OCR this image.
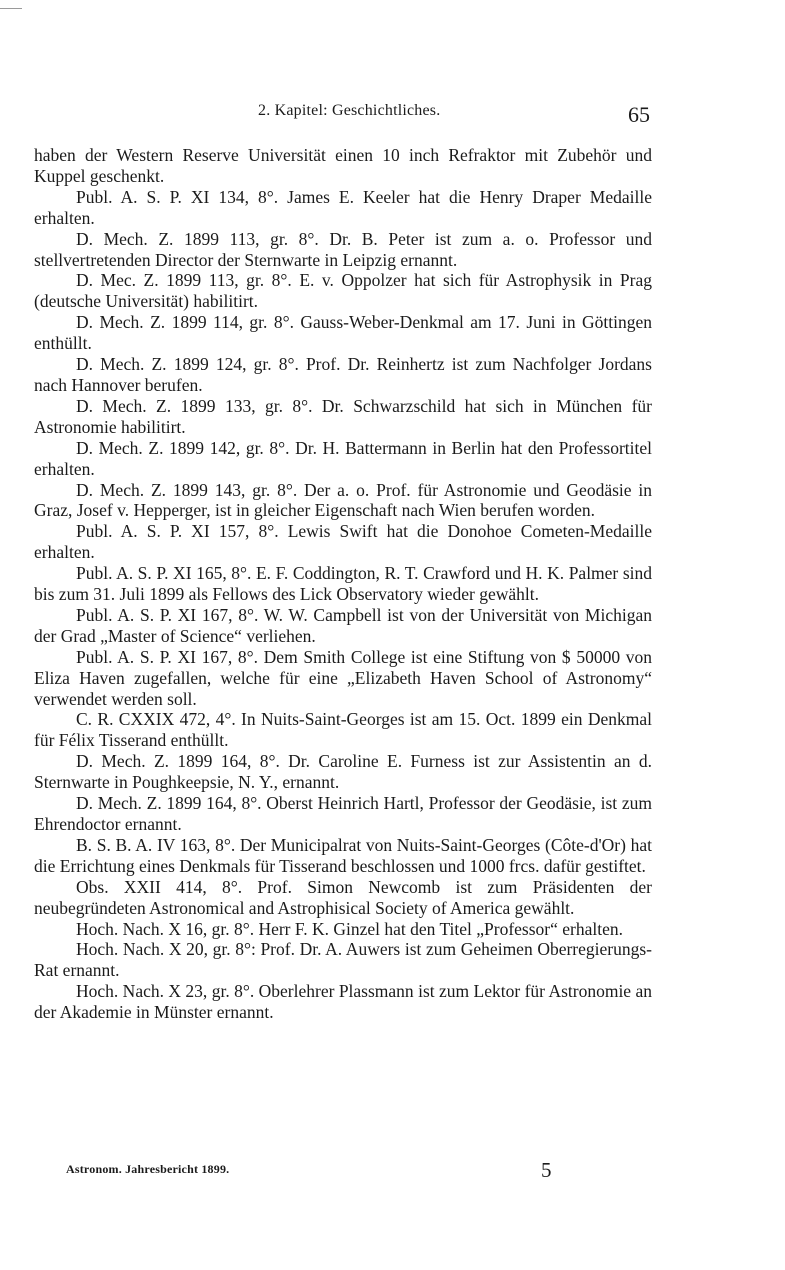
2. Kapitel: Geschichtliches.	65

haben der Western Reserve Universität einen 10 inch Refraktor mit Zubehör und Kuppel geschenkt.

Publ. A. S. P. XI 134, 8°. James E. Keeler hat die Henry Draper Medaille erhalten.

D. Mech. Z. 1899 113, gr. 8°. Dr. B. Peter ist zum a. o. Professor und stellvertretenden Director der Sternwarte in Leipzig ernannt.

D. Mec. Z. 1899 113, gr. 8°. E. v. Oppolzer hat sich für Astrophysik in Prag (deutsche Universität) habilitirt.

D. Mech. Z. 1899 114, gr. 8°. Gauss-Weber-Denkmal am 17. Juni in Göttingen enthüllt.

D. Mech. Z. 1899 124, gr. 8°. Prof. Dr. Reinhertz ist zum Nachfolger Jordans nach Hannover berufen.

D. Mech. Z. 1899 133, gr. 8°. Dr. Schwarzschild hat sich in München für Astronomie habilitirt.

D. Mech. Z. 1899 142, gr. 8°. Dr. H. Battermann in Berlin hat den Professortitel erhalten.

D. Mech. Z. 1899 143, gr. 8°. Der a. o. Prof. für Astronomie und Geodäsie in Graz, Josef v. Hepperger, ist in gleicher Eigenschaft nach Wien berufen worden.

Publ. A. S. P. XI 157, 8°. Lewis Swift hat die Donohoe Cometen-Medaille erhalten.

Publ. A. S. P. XI 165, 8°. E. F. Coddington, R. T. Crawford und H. K. Palmer sind bis zum 31. Juli 1899 als Fellows des Lick Observatory wieder gewählt.

Publ. A. S. P. XI 167, 8°. W. W. Campbell ist von der Universität von Michigan der Grad „Master of Science“ verliehen.

Publ. A. S. P. XI 167, 8°. Dem Smith College ist eine Stiftung von $ 50000 von Eliza Haven zugefallen, welche für eine „Elizabeth Haven School of Astronomy“ verwendet werden soll.

C. R. CXXIX 472, 4°. In Nuits-Saint-Georges ist am 15. Oct. 1899 ein Denkmal für Félix Tisserand enthüllt.

D. Mech. Z. 1899 164, 8°. Dr. Caroline E. Furness ist zur Assistentin an d. Sternwarte in Poughkeepsie, N. Y., ernannt.

D. Mech. Z. 1899 164, 8°. Oberst Heinrich Hartl, Professor der Geodäsie, ist zum Ehrendoctor ernannt.

B. S. B. A. IV 163, 8°. Der Municipalrat von Nuits-Saint-Georges (Côte-d'Or) hat die Errichtung eines Denkmals für Tisserand beschlossen und 1000 frcs. dafür gestiftet.

Obs. XXII 414, 8°. Prof. Simon Newcomb ist zum Präsidenten der neubegründeten Astronomical and Astrophisical Society of America gewählt.

Hoch. Nach. X 16, gr. 8°. Herr F. K. Ginzel hat den Titel „Professor“ erhalten.

Hoch. Nach. X 20, gr. 8°: Prof. Dr. A. Auwers ist zum Geheimen Oberregierungs-Rat ernannt.

Hoch. Nach. X 23, gr. 8°. Oberlehrer Plassmann ist zum Lektor für Astronomie an der Akademie in Münster ernannt.

Astronom. Jahresbericht 1899.	5
